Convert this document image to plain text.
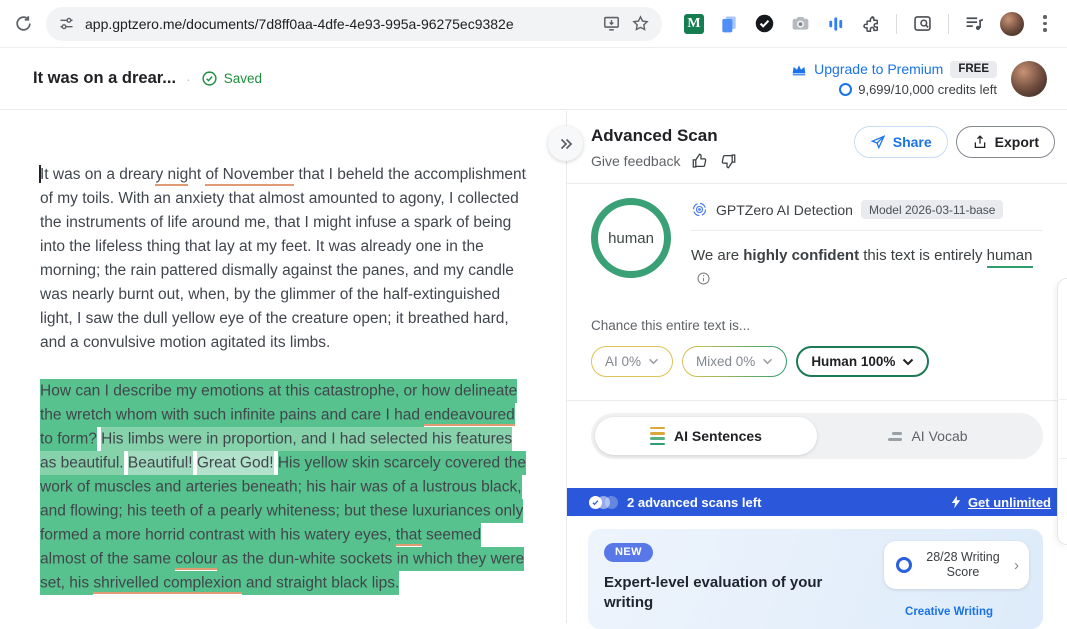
app.gptzero.me/documents/7d8ff0aa-4dfe-4e93-995a-96275ec9382e	M
It was on a drear... · Saved
Upgrade to Premium	FREE
9,699/10,000 credits left

It was on a dreary night of November that I beheld the accomplishment of my toils. With an anxiety that almost amounted to agony, I collected the instruments of life around me, that I might infuse a spark of being into the lifeless thing that lay at my feet. It was already one in the morning; the rain pattered dismally against the panes, and my candle was nearly burnt out, when, by the glimmer of the half-extinguished light, I saw the dull yellow eye of the creature open; it breathed hard, and a convulsive motion agitated its limbs.

How can I describe my emotions at this catastrophe, or how delineate the wretch whom with such infinite pains and care I had endeavoured to form? His limbs were in proportion, and I had selected his features as beautiful. Beautiful! Great God! His yellow skin scarcely covered the work of muscles and arteries beneath; his hair was of a lustrous black, and flowing; his teeth of a pearly whiteness; but these luxuriances only formed a more horrid contrast with his watery eyes, that seemed almost of the same colour as the dun-white sockets in which they were set, his shrivelled complexion and straight black lips.

Advanced Scan
Give feedback
Share	Export
human
GPTZero AI Detection	Model 2026-03-11-base
We are highly confident this text is entirely human
Chance this entire text is...
AI 0%	Mixed 0%	Human 100%
AI Sentences	AI Vocab
2 advanced scans left	Get unlimited
NEW
Expert-level evaluation of your writing
28/28 Writing Score	›
Creative Writing
